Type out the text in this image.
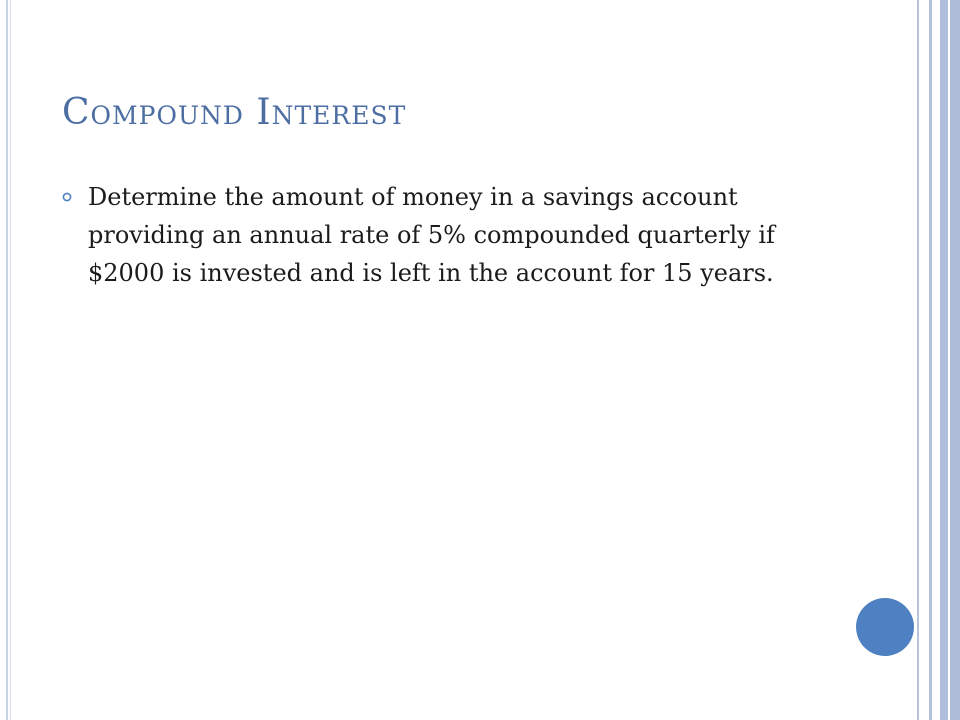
Compound Interest
Determine the amount of money in a savings account providing an annual rate of 5% compounded quarterly if $2000 is invested and is left in the account for 15 years.
